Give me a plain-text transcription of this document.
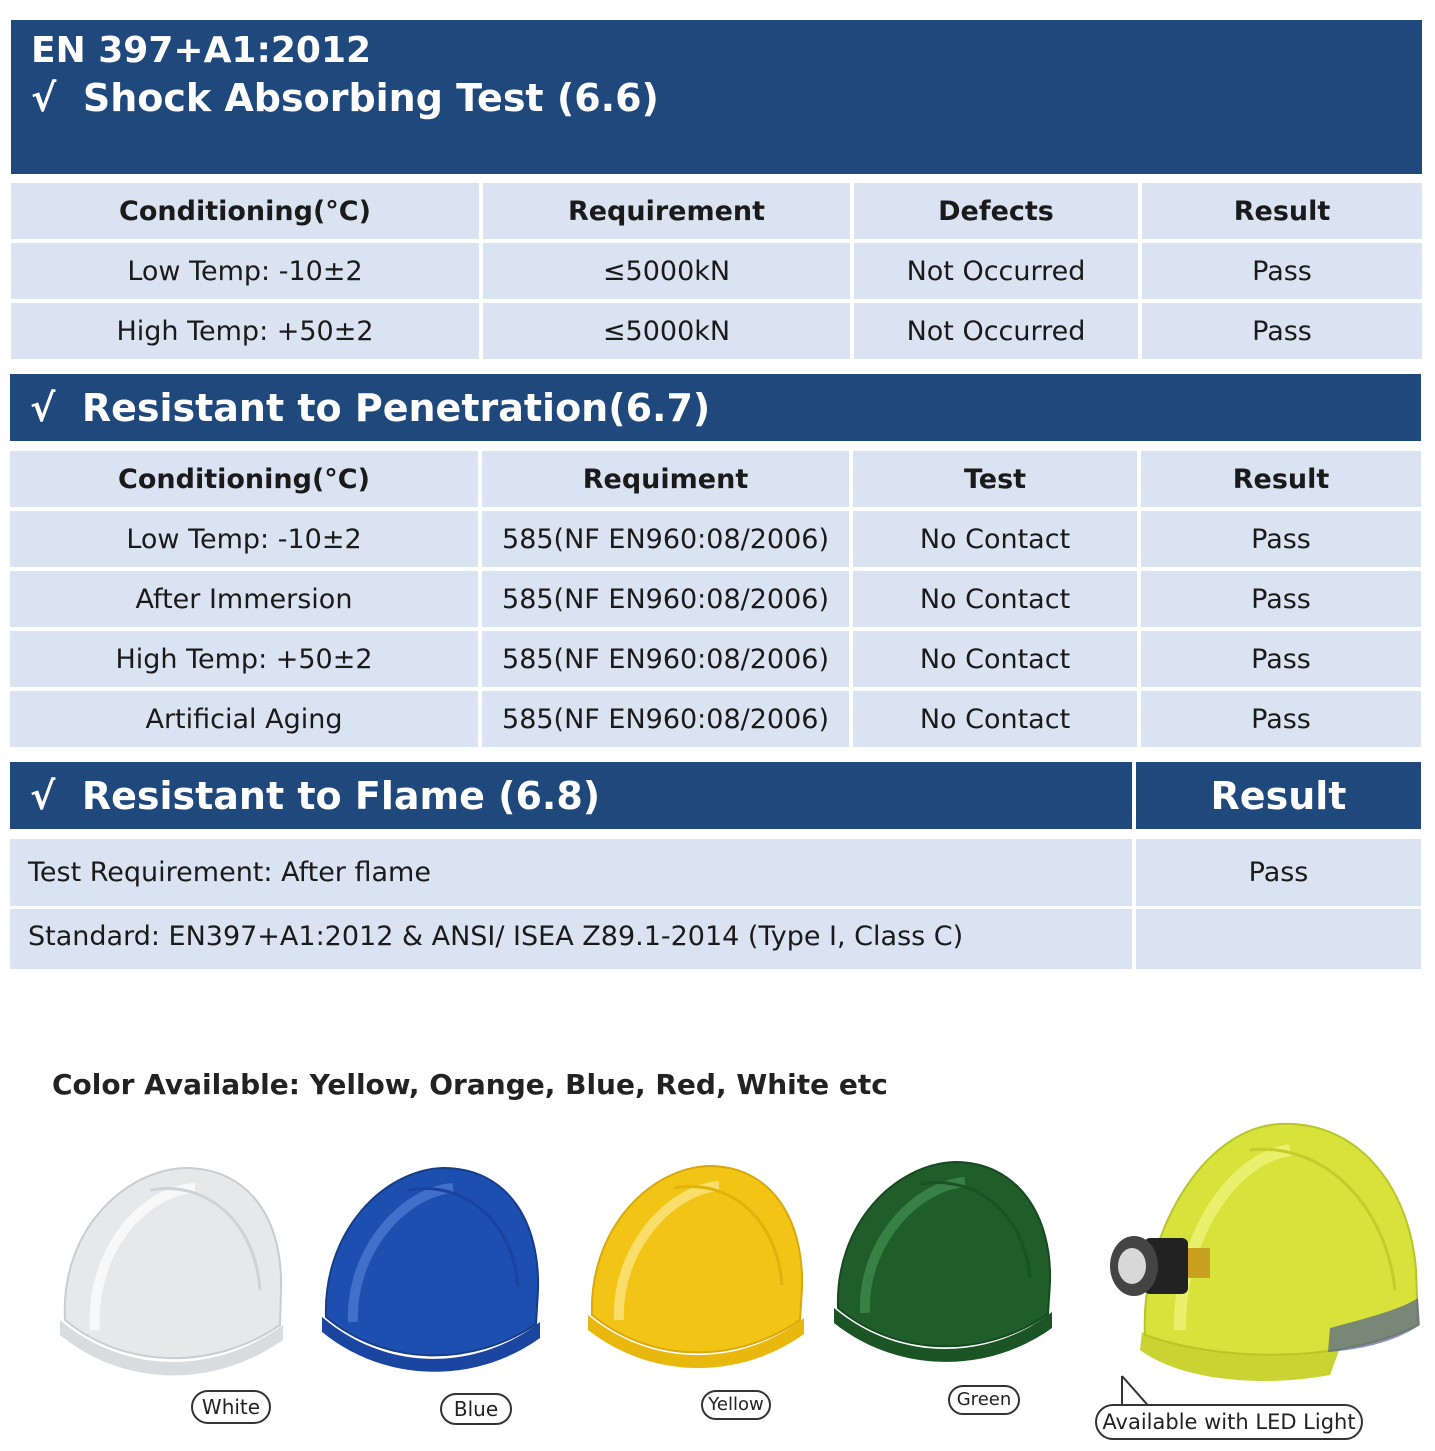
EN 397+A1:2012
√ Shock Absorbing Test (6.6)
Conditioning(°C)	Requirement	Defects	Result
Low Temp: -10±2	≤5000kN	Not Occurred	Pass
High Temp: +50±2	≤5000kN	Not Occurred	Pass
√ Resistant to Penetration(6.7)
Conditioning(°C)	Requiment	Test	Result
Low Temp: -10±2	585(NF EN960:08/2006)	No Contact	Pass
After Immersion	585(NF EN960:08/2006)	No Contact	Pass
High Temp: +50±2	585(NF EN960:08/2006)	No Contact	Pass
Artificial Aging	585(NF EN960:08/2006)	No Contact	Pass
√ Resistant to Flame (6.8)	Result
Test Requirement: After flame	Pass
Standard: EN397+A1:2012 & ANSI/ ISEA Z89.1-2014 (Type I, Class C)
Color Available: Yellow, Orange, Blue, Red, White etc
White	Blue	Yellow	Green
Available with LED Light
